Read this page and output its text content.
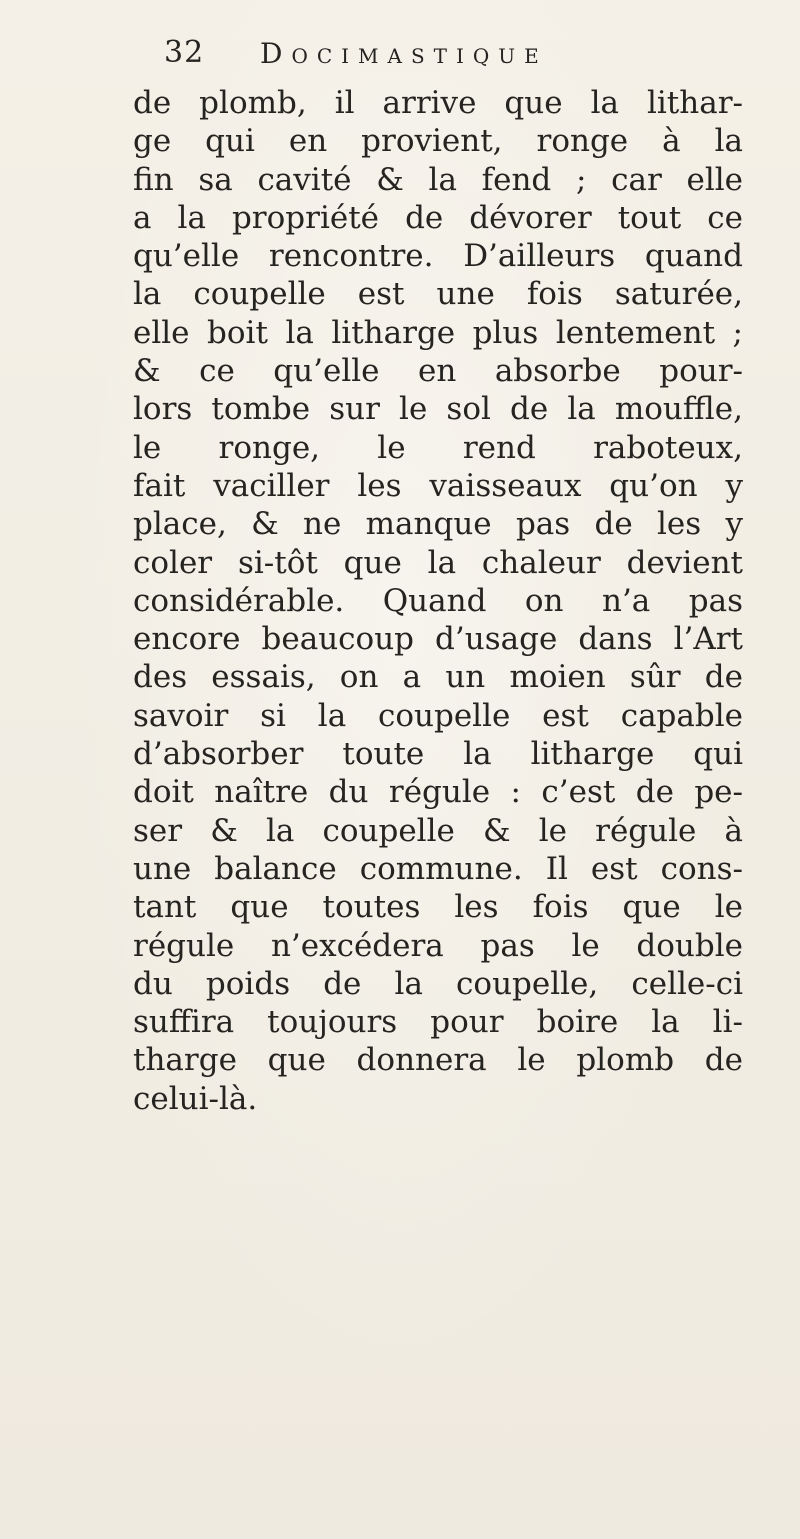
32 Docimastique
de plomb, il arrive que la lithar-
ge qui en provient, ronge à la
fin sa cavité & la fend ; car elle
a la propriété de dévorer tout ce
qu’elle rencontre. D’ailleurs quand
la coupelle est une fois saturée,
elle boit la litharge plus lentement ;
& ce qu’elle en absorbe pour-
lors tombe sur le sol de la mouffle,
le ronge, le rend raboteux,
fait vaciller les vaisseaux qu’on y
place, & ne manque pas de les y
coler si-tôt que la chaleur devient
considérable. Quand on n’a pas
encore beaucoup d’usage dans l’Art
des essais, on a un moien sûr de
savoir si la coupelle est capable
d’absorber toute la litharge qui
doit naître du régule : c’est de pe-
ser & la coupelle & le régule à
une balance commune. Il est cons-
tant que toutes les fois que le
régule n’excédera pas le double
du poids de la coupelle, celle-ci
suffira toujours pour boire la li-
tharge que donnera le plomb de
celui-là.
